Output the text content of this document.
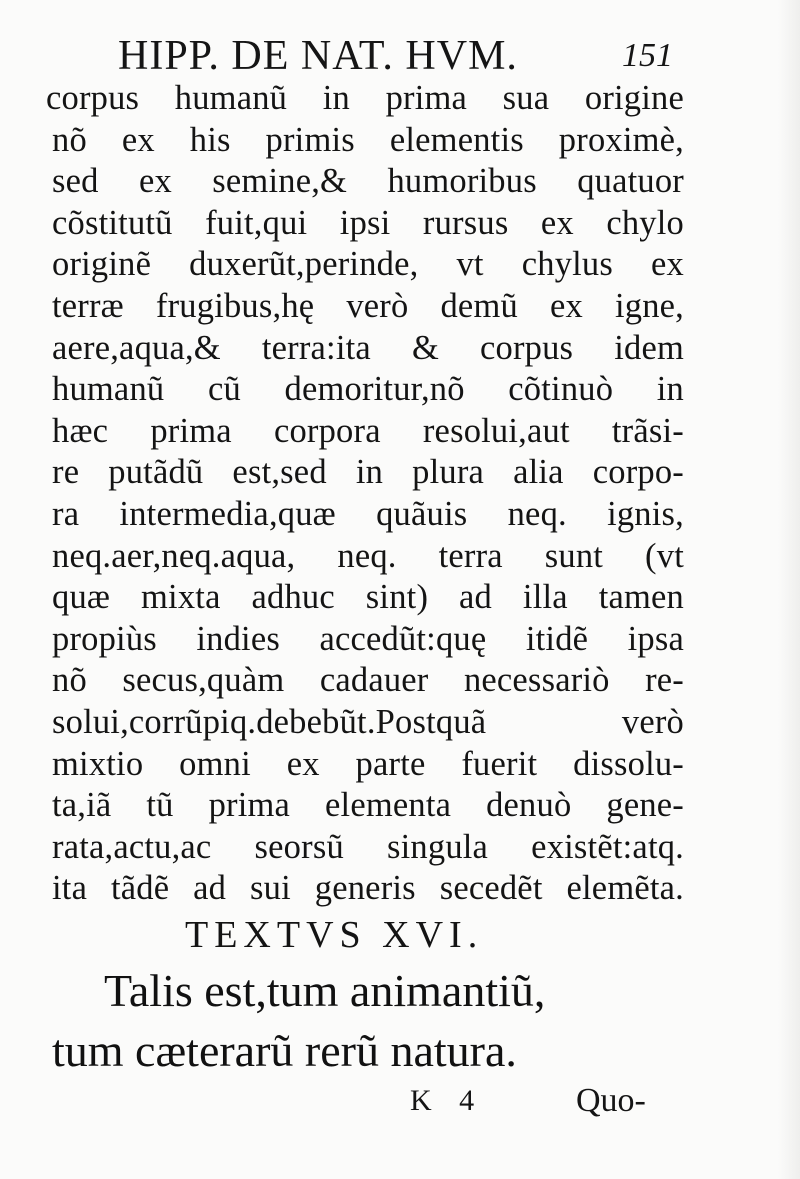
HIPP. DE NAT. HVM.	151
corpus humanũ in prima sua origine
nõ ex his primis elementis proximè,
sed ex semine,& humoribus quatuor
cõstitutũ fuit,qui ipsi rursus ex chylo
originẽ duxerũt,perinde, vt chylus ex
terræ frugibus,hę verò demũ ex igne,
aere,aqua,& terra:ita & corpus idem
humanũ cũ demoritur,nõ cõtinuò in
hæc prima corpora resolui,aut trãsi-
re putãdũ est,sed in plura alia corpo-
ra intermedia,quæ quãuis neq. ignis,
neq.aer,neq.aqua, neq. terra sunt (vt
quæ mixta adhuc sint) ad illa tamen
propiùs indies accedũt:quę itidẽ ipsa
nõ secus,quàm cadauer necessariò re-
solui,corrũpiq.debebũt.Postquã verò
mixtio omni ex parte fuerit dissolu-
ta,iã tũ prima elementa denuò gene-
rata,actu,ac seorsũ singula existẽt:atq.
ita tãdẽ ad sui generis secedẽt elemẽta.
TEXTVS XVI.
Talis est,tum animantiũ,
tum cæterarũ rerũ natura.
K 4	Quo-
